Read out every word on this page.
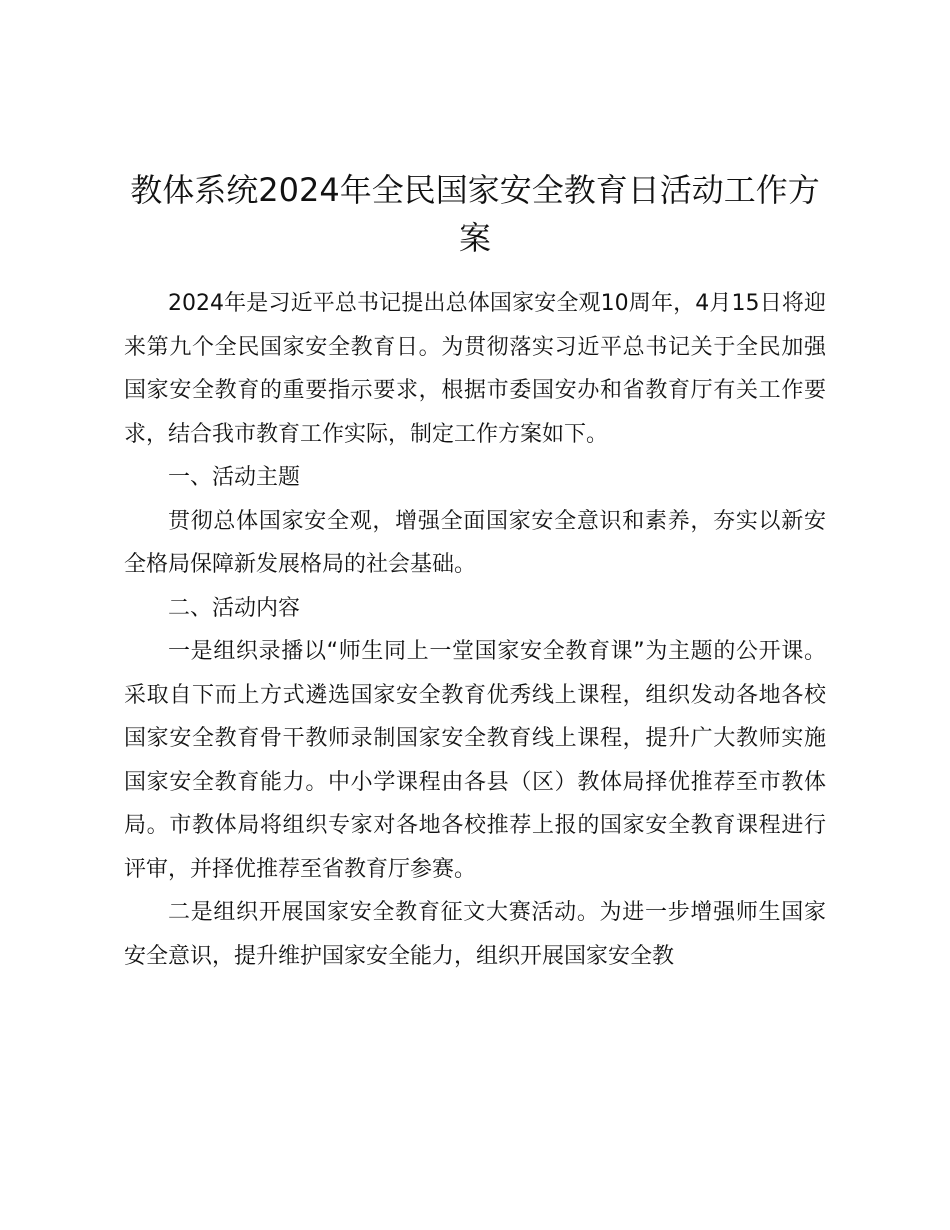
教体系统2024年全民国家安全教育日活动工作方案

2024年是习近平总书记提出总体国家安全观10周年，4月15日将迎来第九个全民国家安全教育日。为贯彻落实习近平总书记关于全民加强国家安全教育的重要指示要求，根据市委国安办和省教育厅有关工作要求，结合我市教育工作实际，制定工作方案如下。

一、活动主题

贯彻总体国家安全观，增强全面国家安全意识和素养，夯实以新安全格局保障新发展格局的社会基础。

二、活动内容

一是组织录播以“师生同上一堂国家安全教育课”为主题的公开课。采取自下而上方式遴选国家安全教育优秀线上课程，组织发动各地各校国家安全教育骨干教师录制国家安全教育线上课程，提升广大教师实施国家安全教育能力。中小学课程由各县（区）教体局择优推荐至市教体局。市教体局将组织专家对各地各校推荐上报的国家安全教育课程进行评审，并择优推荐至省教育厅参赛。

二是组织开展国家安全教育征文大赛活动。为进一步增强师生国家安全意识，提升维护国家安全能力，组织开展国家安全教
